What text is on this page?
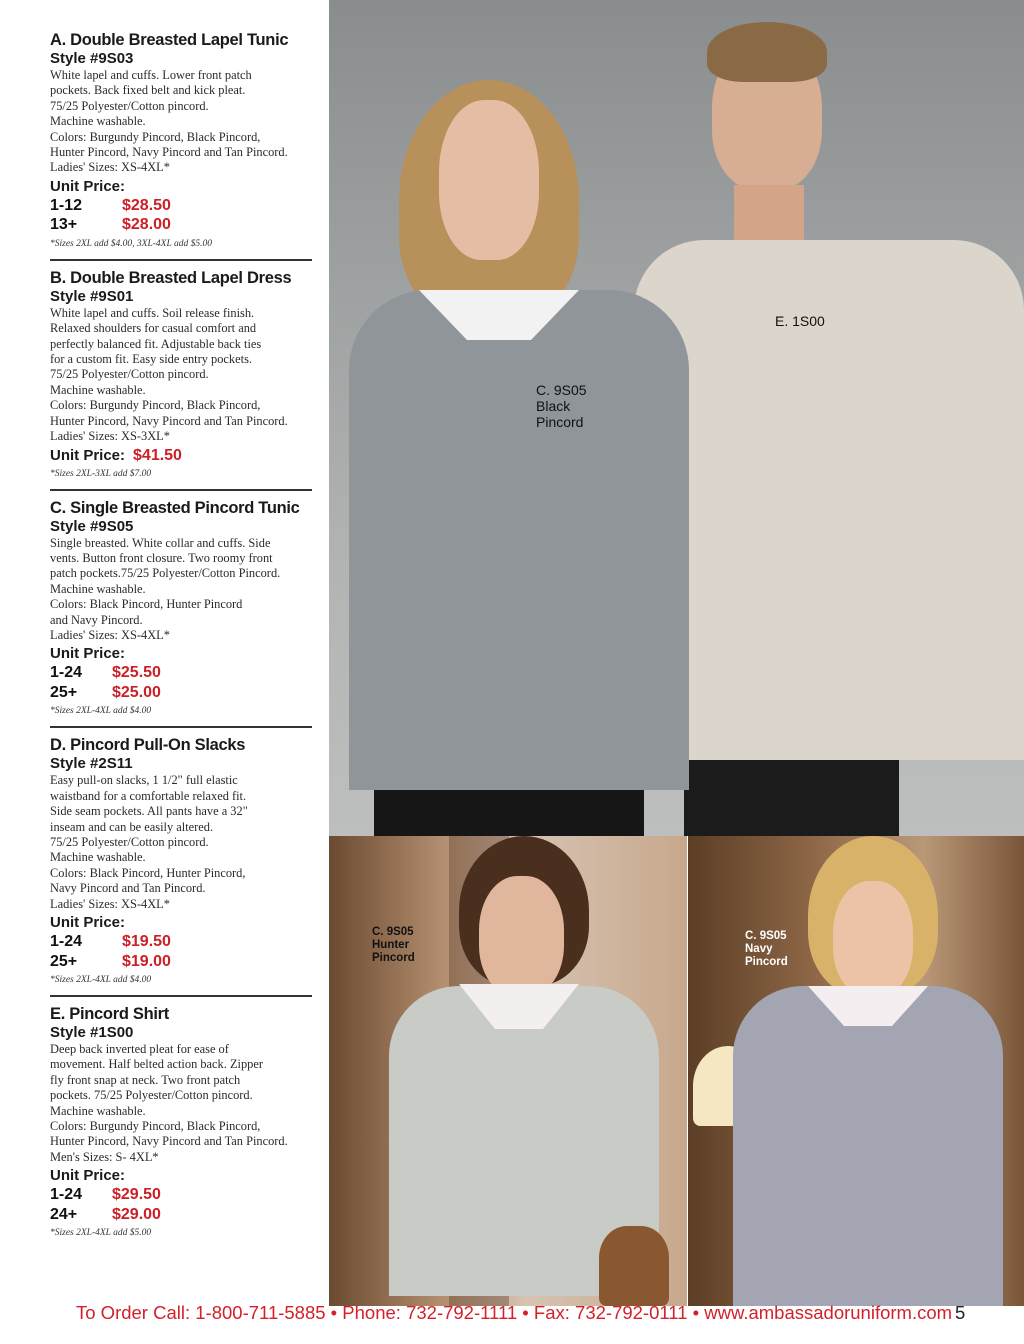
A. Double Breasted Lapel Tunic

Style #9S03

White lapel and cuffs. Lower front patch

pockets. Back fixed belt and kick pleat.

75/25 Polyester/Cotton pincord.

Machine washable.

Colors: Burgundy Pincord, Black Pincord,

Hunter Pincord, Navy Pincord and Tan Pincord.

Ladies' Sizes: XS-4XL*

Unit Price:

1-12	$28.50
13+	$28.00

*Sizes 2XL add $4.00, 3XL-4XL add $5.00

B. Double Breasted Lapel Dress

Style #9S01

White lapel and cuffs. Soil release finish.

Relaxed shoulders for casual comfort and

perfectly balanced fit. Adjustable back ties

for a custom fit. Easy side entry pockets.

75/25 Polyester/Cotton pincord.

Machine washable.

Colors: Burgundy Pincord, Black Pincord,

Hunter Pincord, Navy Pincord and Tan Pincord.

Ladies' Sizes: XS-3XL*

Unit Price: $41.50

*Sizes 2XL-3XL add $7.00

C. Single Breasted Pincord Tunic

Style #9S05

Single breasted. White collar and cuffs. Side

vents. Button front closure. Two roomy front

patch pockets.75/25 Polyester/Cotton Pincord.

Machine washable.

Colors: Black Pincord, Hunter Pincord

and Navy Pincord.

Ladies' Sizes: XS-4XL*

Unit Price:

1-24	$25.50
25+	$25.00

*Sizes 2XL-4XL add $4.00

D. Pincord Pull-On Slacks

Style #2S11

Easy pull-on slacks, 1 1/2" full elastic

waistband for a comfortable relaxed fit.

Side seam pockets. All pants have a 32"

inseam and can be easily altered.

75/25 Polyester/Cotton pincord.

Machine washable.

Colors: Black Pincord, Hunter Pincord,

Navy Pincord and Tan Pincord.

Ladies' Sizes: XS-4XL*

Unit Price:

1-24	$19.50
25+	$19.00

*Sizes 2XL-4XL add $4.00

E. Pincord Shirt

Style #1S00

Deep back inverted pleat for ease of

movement. Half belted action back. Zipper

fly front snap at neck. Two front patch

pockets. 75/25 Polyester/Cotton pincord.

Machine washable.

Colors: Burgundy Pincord, Black Pincord,

Hunter Pincord, Navy Pincord and Tan Pincord.

Men's Sizes: S- 4XL*

Unit Price:

1-24	$29.50
24+	$29.00

*Sizes 2XL-4XL add $5.00

E. 1S00
C. 9S05
Black
Pincord
C. 9S05
Hunter
Pincord
C. 9S05
Navy
Pincord
To Order Call: 1-800-711-5885 • Phone: 732-792-1111 • Fax: 732-792-0111 • www.ambassadoruniform.com 5
